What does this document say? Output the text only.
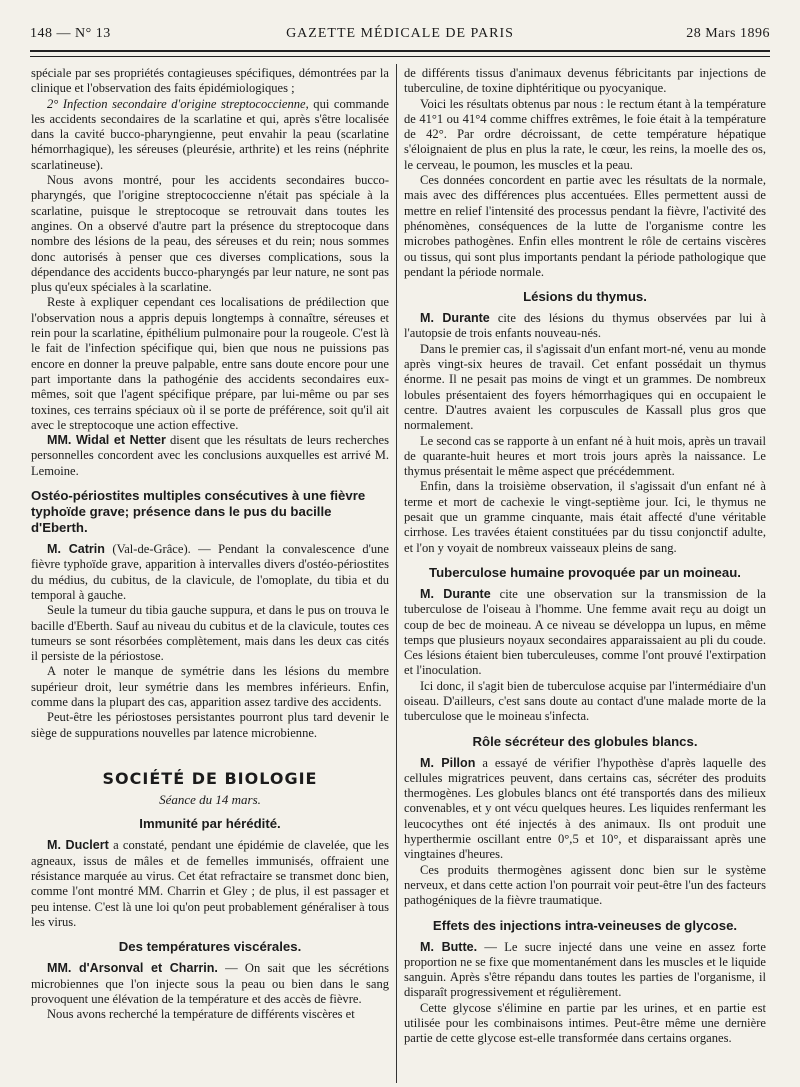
148 — N° 13	GAZETTE MÉDICALE DE PARIS	28 Mars 1896

spéciale par ses propriétés contagieuses spécifiques, démontrées par la clinique et l'observation des faits épidémiologiques ;

2° Infection secondaire d'origine streptococcienne, qui commande les accidents secondaires de la scarlatine et qui, après s'être localisée dans la cavité bucco-pharyngienne, peut envahir la peau (scarlatine hémorrhagique), les séreuses (pleurésie, arthrite) et les reins (néphrite scarlatineuse).

Nous avons montré, pour les accidents secondaires bucco-pharyngés, que l'origine streptococcienne n'était pas spéciale à la scarlatine, puisque le streptocoque se retrouvait dans toutes les angines. On a observé d'autre part la présence du streptocoque dans nombre des lésions de la peau, des séreuses et du rein; nous sommes donc autorisés à penser que ces diverses complications, sous la dépendance des accidents bucco-pharyngés par leur nature, ne sont pas plus qu'eux spéciales à la scarlatine.

Reste à expliquer cependant ces localisations de prédilection que l'observation nous a appris depuis longtemps à connaître, séreuses et rein pour la scarlatine, épithélium pulmonaire pour la rougeole. C'est là le fait de l'infection spécifique qui, bien que nous ne puissions pas encore en donner la preuve palpable, entre sans doute encore pour une part importante dans la pathogénie des accidents secondaires eux-mêmes, soit que l'agent spécifique prépare, par lui-même ou par ses toxines, ces terrains spéciaux où il se porte de préférence, soit qu'il ait avec le streptocoque une action effective.

MM. Widal et Netter disent que les résultats de leurs recherches personnelles concordent avec les conclusions auxquelles est arrivé M. Lemoine.

Ostéo-périostites multiples consécutives à une fièvre typhoïde grave; présence dans le pus du bacille d'Eberth.

M. Catrin (Val-de-Grâce). — Pendant la convalescence d'une fièvre typhoïde grave, apparition à intervalles divers d'ostéo-périostites du médius, du cubitus, de la clavicule, de l'omoplate, du tibia et du temporal à gauche.

Seule la tumeur du tibia gauche suppura, et dans le pus on trouva le bacille d'Eberth. Sauf au niveau du cubitus et de la clavicule, toutes ces tumeurs se sont résorbées complètement, mais dans les deux cas cités il persiste de la périostose.

A noter le manque de symétrie dans les lésions du membre supérieur droit, leur symétrie dans les membres inférieurs. Enfin, comme dans la plupart des cas, apparition assez tardive des accidents.

Peut-être les périostoses persistantes pourront plus tard devenir le siège de suppurations nouvelles par latence microbienne.

SOCIÉTÉ DE BIOLOGIE
Séance du 14 mars.
Immunité par hérédité.

M. Duclert a constaté, pendant une épidémie de clavelée, que les agneaux, issus de mâles et de femelles immunisés, offraient une résistance marquée au virus. Cet état refractaire se transmet donc bien, comme l'ont montré MM. Charrin et Gley ; de plus, il est passager et peu intense. C'est là une loi qu'on peut probablement généraliser à tous les virus.

Des températures viscérales.

MM. d'Arsonval et Charrin. — On sait que les sécrétions microbiennes que l'on injecte sous la peau ou bien dans le sang provoquent une élévation de la température et des accès de fièvre.

Nous avons recherché la température de différents viscères et

de différents tissus d'animaux devenus fébricitants par injections de tuberculine, de toxine diphtéritique ou pyocyanique.

Voici les résultats obtenus par nous : le rectum étant à la température de 41°1 ou 41°4 comme chiffres extrêmes, le foie était à la température de 42°. Par ordre décroissant, de cette température hépatique s'éloignaient de plus en plus la rate, le cœur, les reins, la moelle des os, le cerveau, le poumon, les muscles et la peau.

Ces données concordent en partie avec les résultats de la normale, mais avec des différences plus accentuées. Elles permettent aussi de mettre en relief l'intensité des processus pendant la fièvre, l'activité des phénomènes, conséquences de la lutte de l'organisme contre les microbes pathogènes. Enfin elles montrent le rôle de certains viscères ou tissus, qui sont plus importants pendant la période pathologique que pendant la période normale.

Lésions du thymus.

M. Durante cite des lésions du thymus observées par lui à l'autopsie de trois enfants nouveau-nés.

Dans le premier cas, il s'agissait d'un enfant mort-né, venu au monde après vingt-six heures de travail. Cet enfant possédait un thymus énorme. Il ne pesait pas moins de vingt et un grammes. De nombreux lobules présentaient des foyers hémorrhagiques qui en occupaient le centre. D'autres avaient les corpuscules de Kassall plus gros que normalement.

Le second cas se rapporte à un enfant né à huit mois, après un travail de quarante-huit heures et mort trois jours après la naissance. Le thymus présentait le même aspect que précédemment.

Enfin, dans la troisième observation, il s'agissait d'un enfant né à terme et mort de cachexie le vingt-septième jour. Ici, le thymus ne pesait que un gramme cinquante, mais était affecté d'une véritable cirrhose. Les travées étaient constituées par du tissu conjonctif adulte, et l'on y voyait de nombreux vaisseaux pleins de sang.

Tuberculose humaine provoquée par un moineau.

M. Durante cite une observation sur la transmission de la tuberculose de l'oiseau à l'homme. Une femme avait reçu au doigt un coup de bec de moineau. A ce niveau se développa un lupus, en même temps que plusieurs noyaux secondaires apparaissaient au pli du coude. Ces lésions étaient bien tuberculeuses, comme l'ont prouvé l'extirpation et l'inoculation.

Ici donc, il s'agit bien de tuberculose acquise par l'intermédiaire d'un oiseau. D'ailleurs, c'est sans doute au contact d'une malade morte de la tuberculose que le moineau s'infecta.

Rôle sécréteur des globules blancs.

M. Pillon a essayé de vérifier l'hypothèse d'après laquelle des cellules migratrices peuvent, dans certains cas, sécréter des produits thermogènes. Les globules blancs ont été transportés dans des milieux convenables, et y ont vécu quelques heures. Les liquides renfermant les leucocythes ont été injectés à des animaux. Ils ont produit une hyperthermie oscillant entre 0°,5 et 10°, et disparaissant après une vingtaines d'heures.

Ces produits thermogènes agissent donc bien sur le système nerveux, et dans cette action l'on pourrait voir peut-être l'un des facteurs pathogéniques de la fièvre traumatique.

Effets des injections intra-veineuses de glycose.

M. Butte. — Le sucre injecté dans une veine en assez forte proportion ne se fixe que momentanément dans les muscles et le liquide sanguin. Après s'être répandu dans toutes les parties de l'organisme, il disparaît progressivement et régulièrement.

Cette glycose s'élimine en partie par les urines, et en partie est utilisée pour les combinaisons intimes. Peut-être même une dernière partie de cette glycose est-elle transformée dans certains organes.
